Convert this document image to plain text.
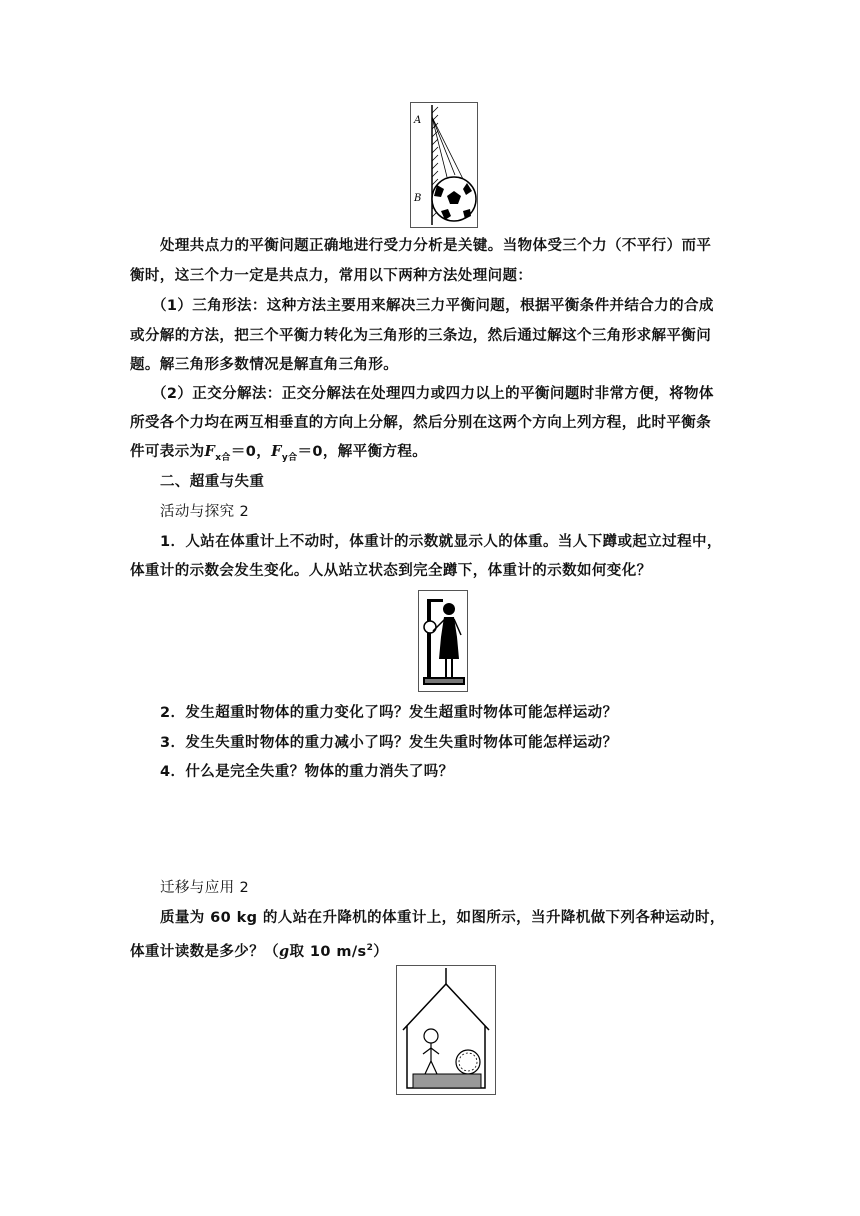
A
B
处理共点力的平衡问题正确地进行受力分析是关键。当物体受三个力（不平行）而平
衡时，这三个力一定是共点力，常用以下两种方法处理问题：
（1）三角形法：这种方法主要用来解决三力平衡问题，根据平衡条件并结合力的合成
或分解的方法，把三个平衡力转化为三角形的三条边，然后通过解这个三角形求解平衡问
题。解三角形多数情况是解直角三角形。
（2）正交分解法：正交分解法在处理四力或四力以上的平衡问题时非常方便，将物体
所受各个力均在两互相垂直的方向上分解，然后分别在这两个方向上列方程，此时平衡条
件可表示为$F_{x合}=0$，$F_{y合}=0$，解平衡方程。
二、超重与失重
活动与探究 2
1．人站在体重计上不动时，体重计的示数就显示人的体重。当人下蹲或起立过程中，
体重计的示数会发生变化。人从站立状态到完全蹲下，体重计的示数如何变化？
2．发生超重时物体的重力变化了吗？发生超重时物体可能怎样运动？
3．发生失重时物体的重力减小了吗？发生失重时物体可能怎样运动？
4．什么是完全失重？物体的重力消失了吗？
迁移与应用 2
质量为 60 kg 的人站在升降机的体重计上，如图所示，当升降机做下列各种运动时，
体重计读数是多少？（g取 10 $m/s^2$）
